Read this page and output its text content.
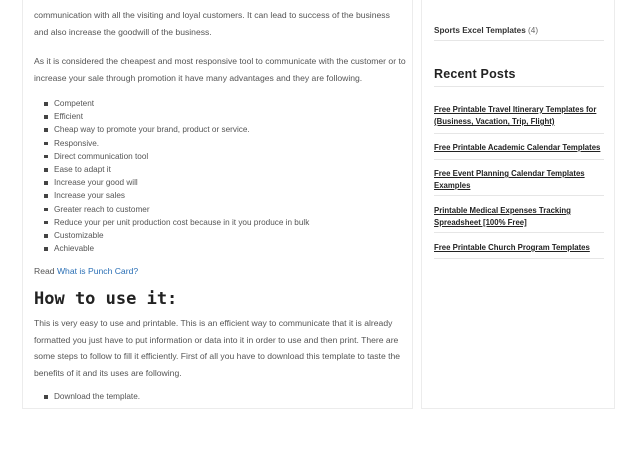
communication with all the visiting and loyal customers. It can lead to success of the business and also increase the goodwill of the business.

As it is considered the cheapest and most responsive tool to communicate with the customer or to increase your sale through promotion it have many advantages and they are following.

Competent
Efficient
Cheap way to promote your brand, product or service.
Responsive.
Direct communication tool
Ease to adapt it
Increase your good will
Increase your sales
Greater reach to customer
Reduce your per unit production cost because in it you produce in bulk
Customizable
Achievable

Read What is Punch Card?

How to use it:

This is very easy to use and printable. This is an efficient way to communicate that it is already formatted you just have to put information or data into it in order to use and then print. There are some steps to follow to fill it efficiently. First of all you have to download this template to taste the benefits of it and its uses are following.

Download the template.
Sports Excel Templates (4)
Recent Posts
Free Printable Travel Itinerary Templates for (Business, Vacation, Trip, Flight)
Free Printable Academic Calendar Templates
Free Event Planning Calendar Templates Examples
Printable Medical Expenses Tracking Spreadsheet [100% Free]
Free Printable Church Program Templates
